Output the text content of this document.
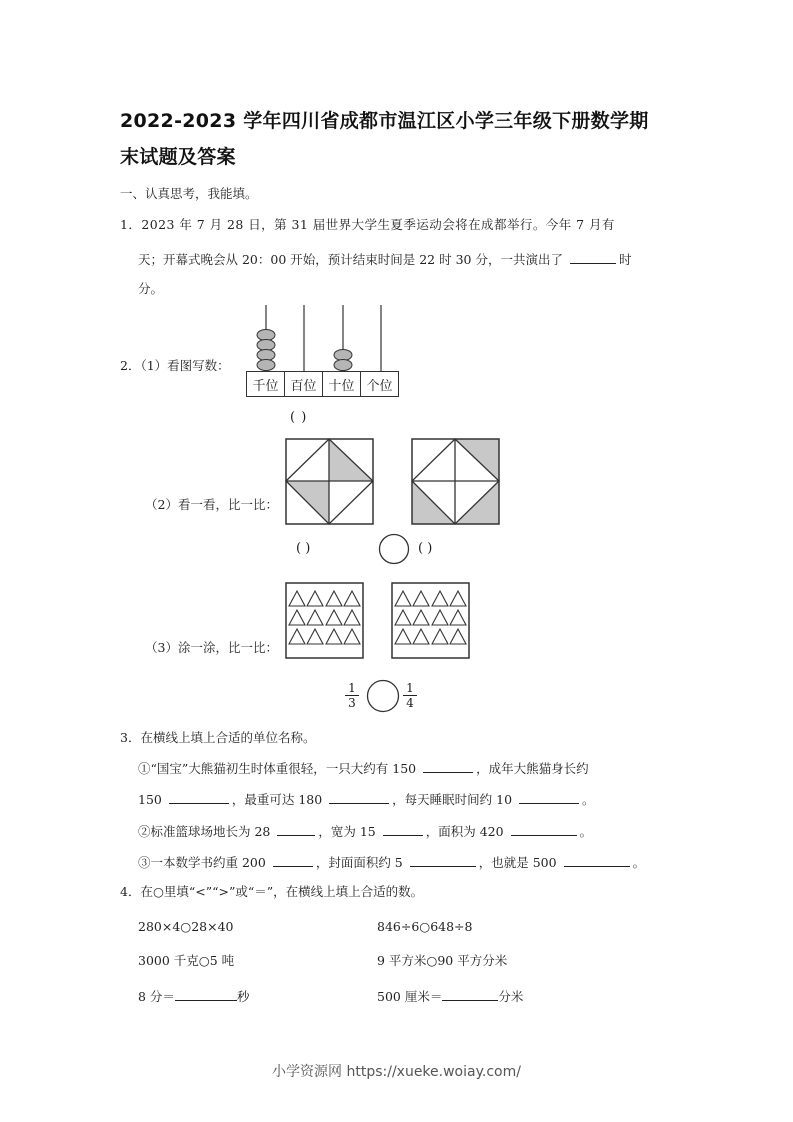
2022-2023 学年四川省成都市温江区小学三年级下册数学期
末试题及答案
一、认真思考，我能填。
1．2023 年 7 月 28 日，第 31 届世界大学生夏季运动会将在成都举行。今年 7 月有
天；开幕式晚会从 20：00 开始，预计结束时间是 22 时 30 分，一共演出了	时
分。
2．（1）看图写数：
千位	百位	十位	个位
( )
（2）看一看，比一比：
( )	( )
（3）涂一涂，比一比：
$\frac{1}{3}$	$\frac{1}{4}$
3．在横线上填上合适的单位名称。
①“国宝”大熊猫初生时体重很轻，一只大约有 150	，成年大熊猫身长约
150	，最重可达 180	，每天睡眠时间约 10	。
②标准篮球场地长为 28	，宽为 15	，面积为 420	。
③一本数学书约重 200	，封面面积约 5	，也就是 500	。
4．在○里填“<”“>”或“＝”，在横线上填上合适的数。
280×4○28×40	846÷6○648÷8
3000 千克○5 吨	9 平方米○90 平方分米
8 分＝	秒	500 厘米＝	分米
小学资源网 https://xueke.woiay.com/
